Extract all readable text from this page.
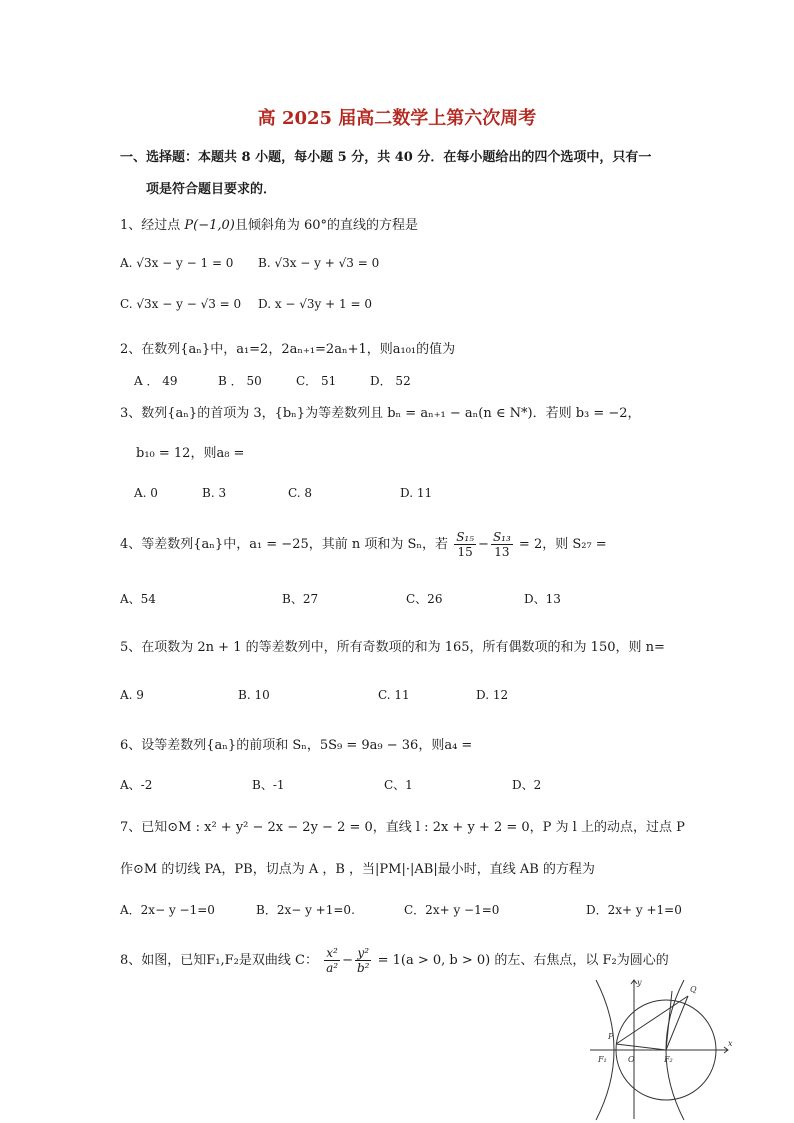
高 2025 届高二数学上第六次周考
一、选择题：本题共 8 小题，每小题 5 分，共 40 分．在每小题给出的四个选项中，只有一
项是符合题目要求的．
1、经过点 P(−1,0)且倾斜角为 60°的直线的方程是
A. √3x − y − 1 = 0 B. √3x − y + √3 = 0
C. √3x − y − √3 = 0 D. x − √3y + 1 = 0
2、在数列{aₙ}中，a₁=2，2aₙ₊₁=2aₙ+1，则a₁₀₁的值为
A ． 49	B ． 50	C． 51	D． 52
3、数列{aₙ}的首项为 3，{bₙ}为等差数列且 bₙ = aₙ₊₁ − aₙ(n ∈ N*)．若则 b₃ = −2，
b₁₀ = 12，则a₈ =
A. 0	B. 3	C. 8	D. 11
4、等差数列{aₙ}中，a₁ = −25，其前 n 项和为 Sₙ，若 $\frac{\text{S₁₅}}{15} - \frac{\text{S₁₃}}{13} = 2$，则 S₂₇ =
A、54	B、27	C、26	D、13
5、在项数为 2n + 1 的等差数列中，所有奇数项的和为 165，所有偶数项的和为 150，则 n=
A. 9	B. 10	C. 11	D. 12
6、设等差数列{aₙ}的前项和 Sₙ，5S₉ = 9a₉ − 36，则a₄ =
A、-2	B、-1	C、1	D、2
7、已知⊙M : x² + y² − 2x − 2y − 2 = 0，直线 l : 2x + y + 2 = 0，P 为 l 上的动点，过点 P
作⊙M 的切线 PA，PB，切点为 A ，B ，当|PM|·|AB|最小时，直线 AB 的方程为
A．2x− y −1=0	B．2x− y +1=0.	C．2x+ y −1=0	D．2x+ y +1=0
8、如图，已知F₁,F₂是双曲线 C： $\frac{\text{x²}}{\text{a²}} - \frac{\text{y²}}{\text{b²}} = 1(a > 0$, b > 0) 的左、右焦点，以 F₂为圆心的
Q
P
F₁	O	F₂
x
y
